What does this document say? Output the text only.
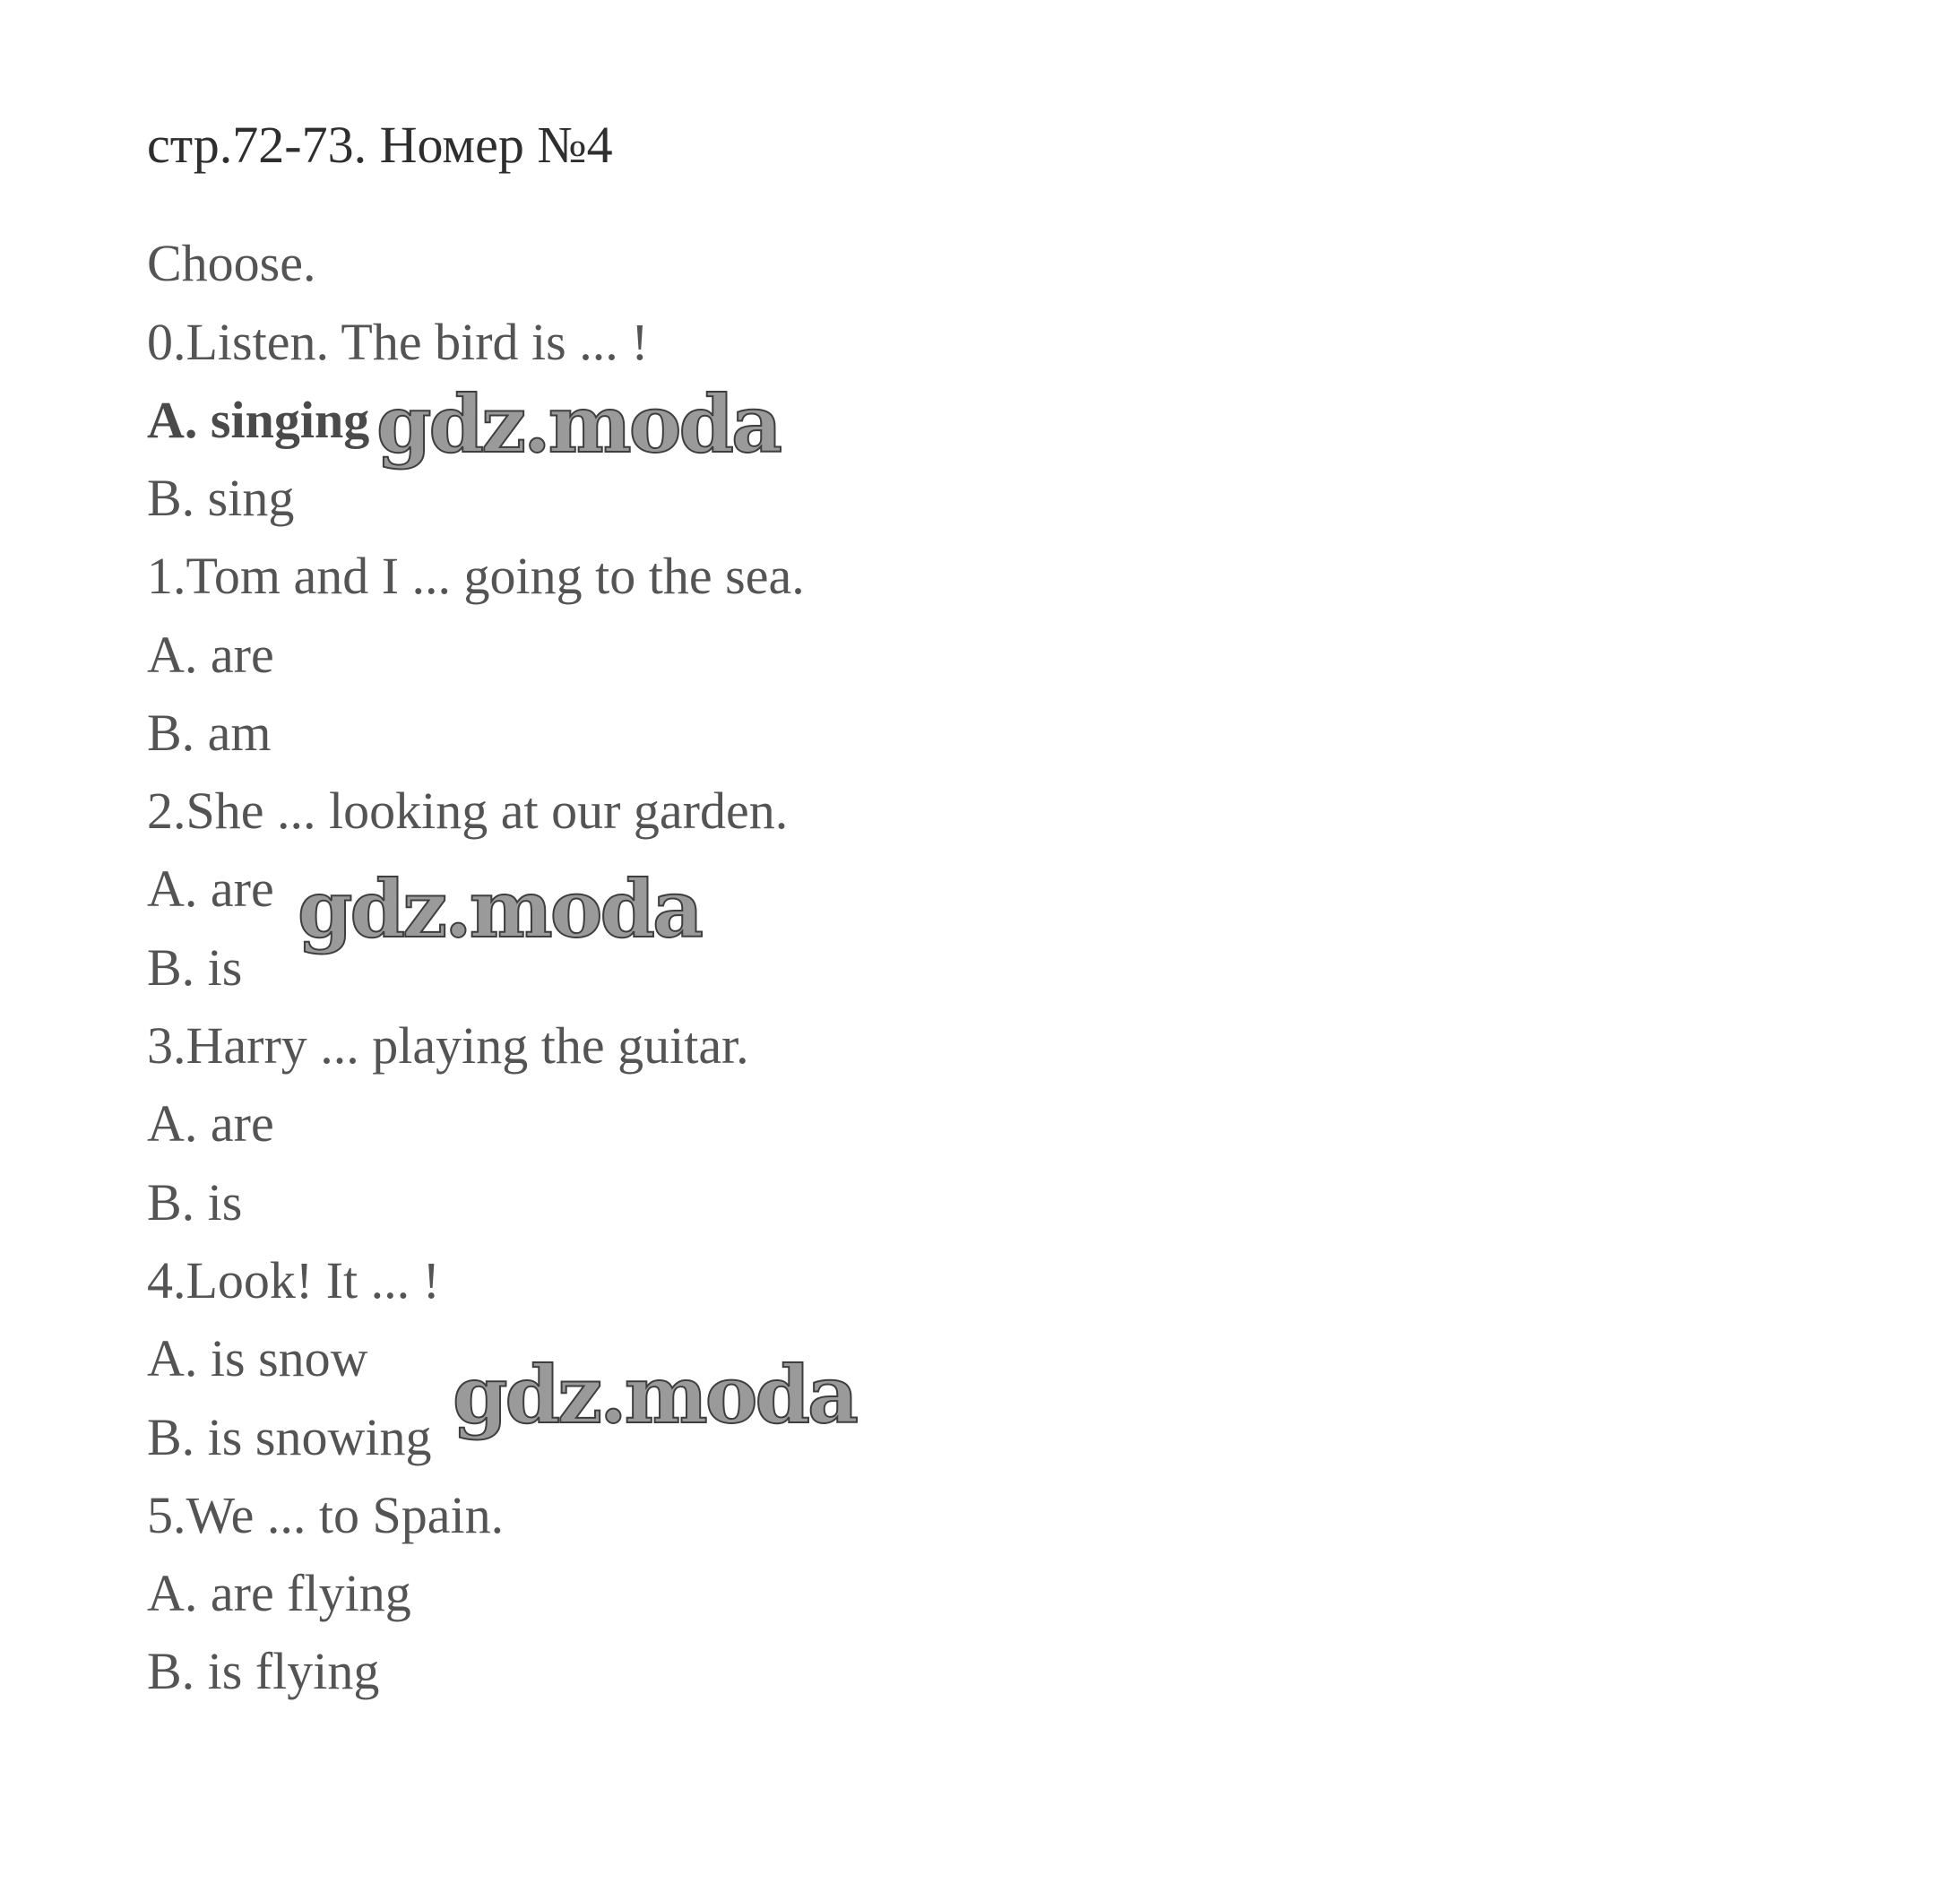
стр.72-73. Номер №4
Choose.
0.Listen. The bird is ... !
A. singing
B. sing
1.Tom and I ... going to the sea.
A. are
B. am
2.She ... looking at our garden.
A. are
B. is
3.Harry ... playing the guitar.
A. are
B. is
4.Look! It ... !
A. is snow
B. is snowing
5.We ... to Spain.
A. are flying
B. is flying
gdz.moda
gdz.moda
gdz.moda
